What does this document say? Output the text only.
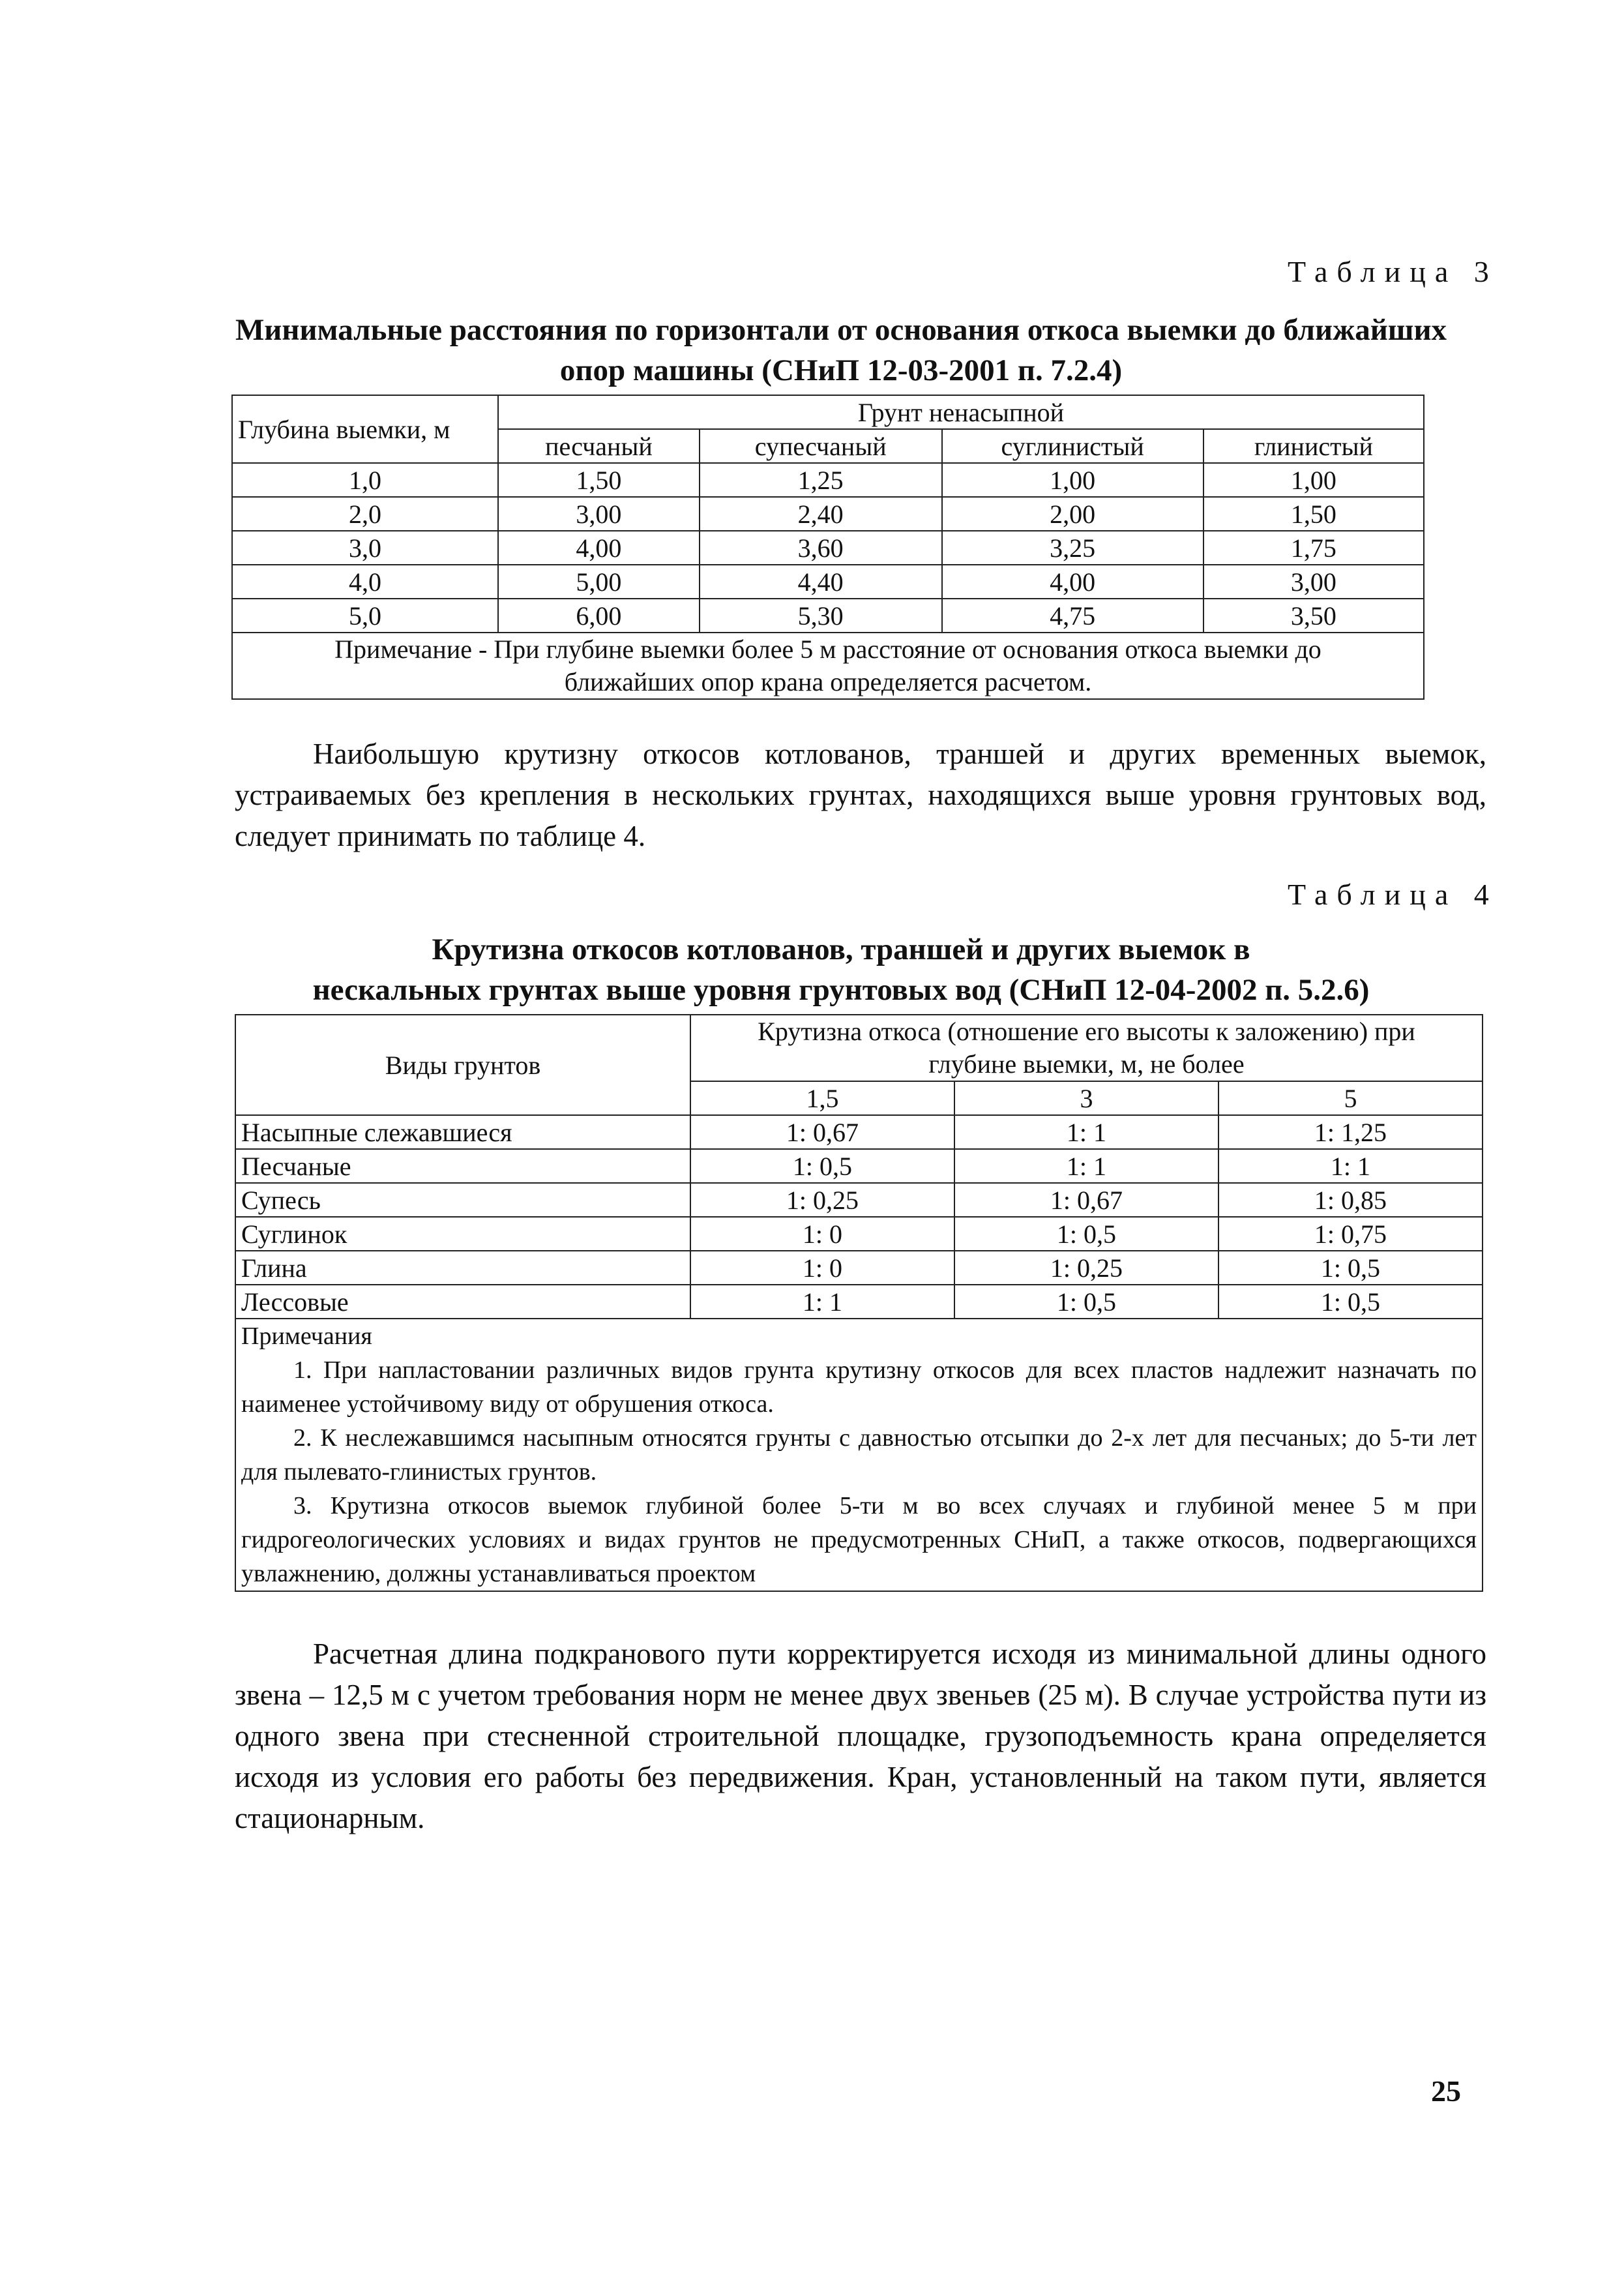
Таблица 3
Минимальные расстояния по горизонтали от основания откоса выемки до ближайших
опор машины (СНиП 12-03-2001 п. 7.2.4)
Глубина выемки, м	Грунт ненасыпной			
	песчаный	супесчаный	суглинистый	глинистый
1,0	1,50	1,25	1,00	1,00
2,0	3,00	2,40	2,00	1,50
3,0	4,00	3,60	3,25	1,75
4,0	5,00	4,40	4,00	3,00
5,0	6,00	5,30	4,75	3,50

Примечание - При глубине выемки более 5 м расстояние от основания откоса выемки до
ближайших опор крана определяется расчетом.				
Наибольшую крутизну откосов котлованов, траншей и других временных выемок, устраиваемых без крепления в нескольких грунтах, находящихся выше уровня грунтовых вод, следует принимать по таблице 4.
Таблица 4
Крутизна откосов котлованов, траншей и других выемок в
нескальных грунтах выше уровня грунтовых вод (СНиП 12-04-2002 п. 5.2.6)
Виды грунтов	Крутизна откоса (отношение его высоты к заложению) при
глубине выемки, м, не более		

	1,5	3	5
Насыпные слежавшиеся	1: 0,67	1: 1	1: 1,25
Песчаные	1: 0,5	1: 1	1: 1
Супесь	1: 0,25	1: 0,67	1: 0,85
Суглинок	1: 0	1: 0,5	1: 0,75
Глина	1: 0	1: 0,25	1: 0,5
Лессовые	1: 1	1: 0,5	1: 0,5

Примечания

1. При напластовании различных видов грунта крутизну откосов для всех пластов надлежит назначать по наименее устойчивому виду от обрушения откоса.

2. К неслежавшимся насыпным относятся грунты с давностью отсыпки до 2-х лет для песчаных; до 5-ти лет для пылевато-глинистых грунтов.

3. Крутизна откосов выемок глубиной более 5-ти м во всех случаях и глубиной менее 5 м при гидрогеологических условиях и видах грунтов не предусмотренных СНиП, а также откосов, подвергающихся увлажнению, должны устанавливаться проектом			

Расчетная длина подкранового пути корректируется исходя из минимальной длины одного звена – 12,5 м с учетом требования норм не менее двух звеньев (25 м). В случае устройства пути из одного звена при стесненной строительной площадке, грузоподъемность крана определяется исходя из условия его работы без передвижения. Кран, установленный на таком пути, является стационарным.
25
